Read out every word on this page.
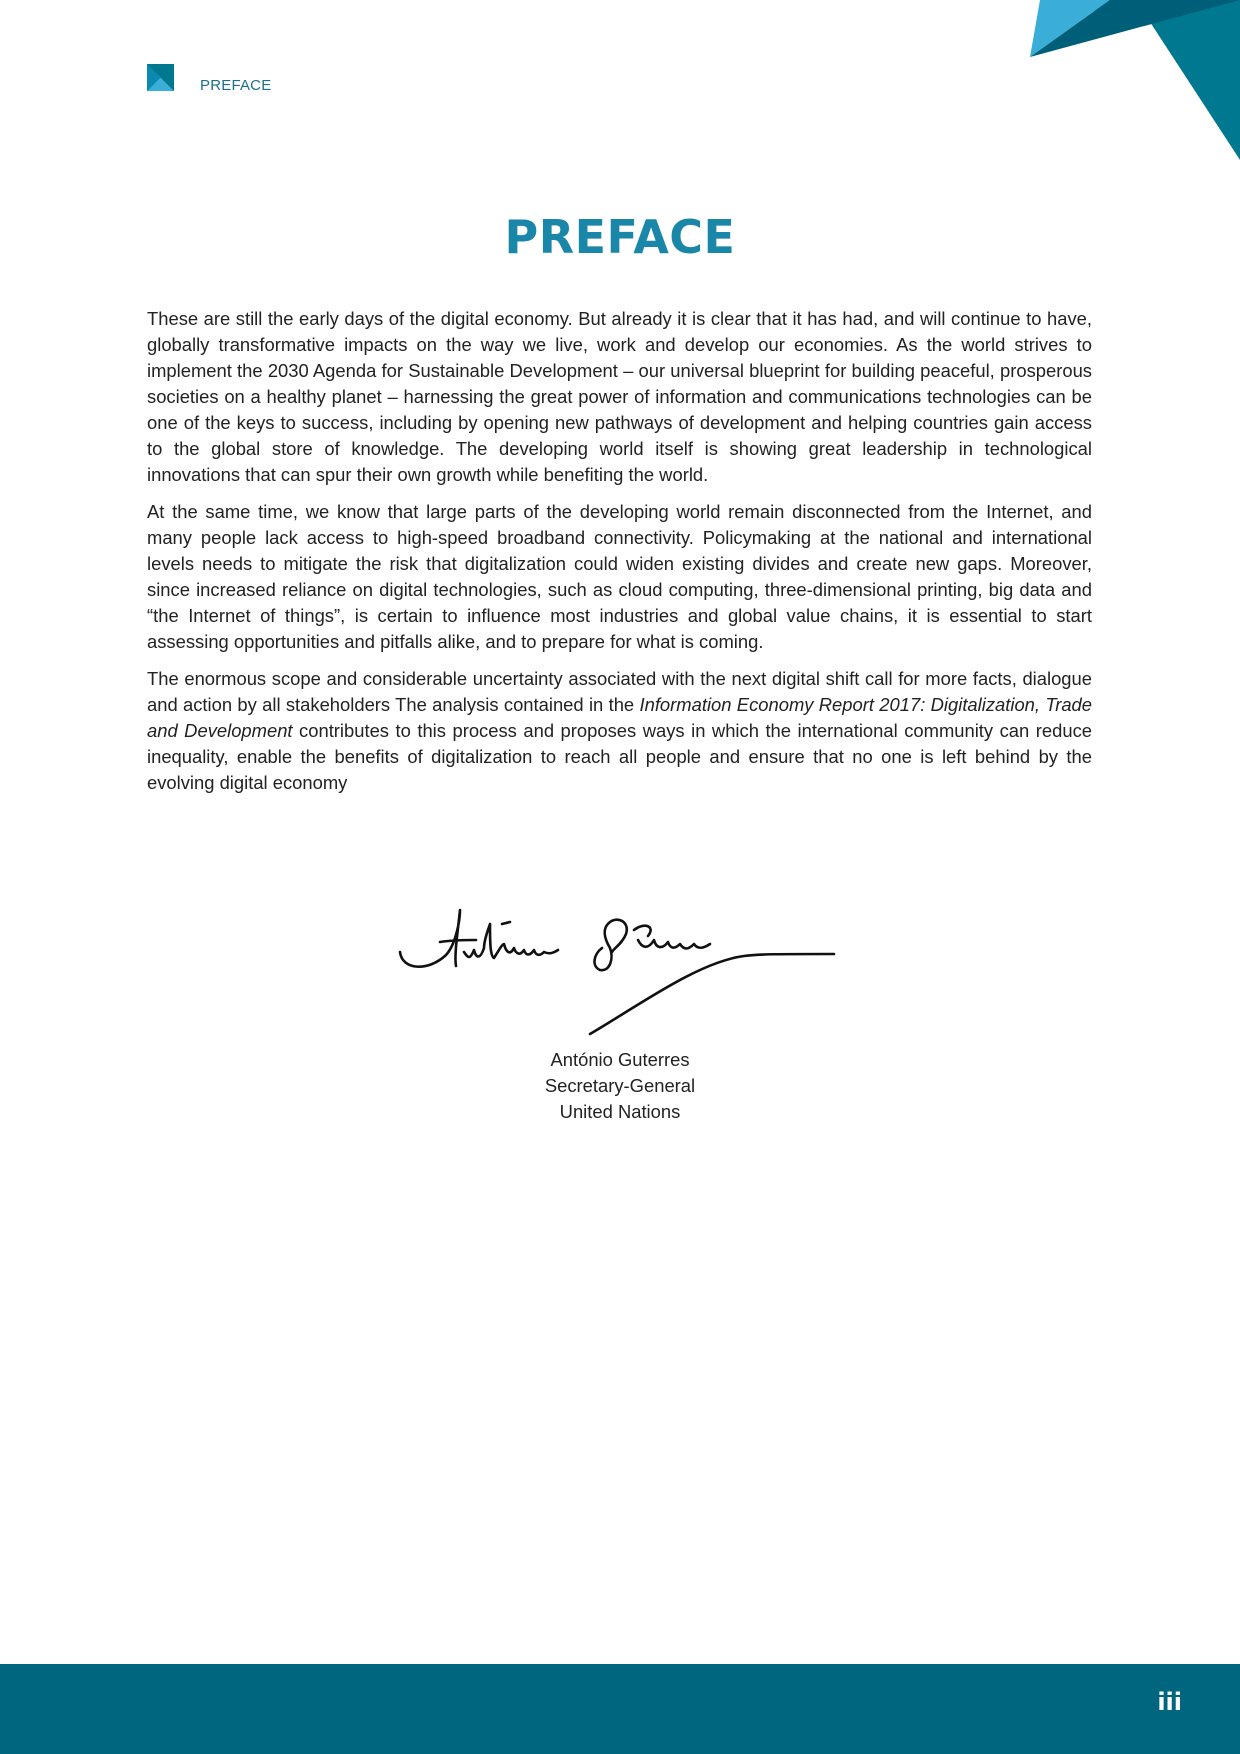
PREFACE
PREFACE

These are still the early days of the digital economy. But already it is clear that it has had, and will continue to have, globally transformative impacts on the way we live, work and develop our economies. As the world strives to implement the 2030 Agenda for Sustainable Development – our universal blueprint for building peaceful, prosperous societies on a healthy planet – harnessing the great power of information and communications technologies can be one of the keys to success, including by opening new pathways of development and helping countries gain access to the global store of knowledge. The developing world itself is showing great leadership in technological innovations that can spur their own growth while benefiting the world.

At the same time, we know that large parts of the developing world remain disconnected from the Internet, and many people lack access to high-speed broadband connectivity. Policymaking at the national and international levels needs to mitigate the risk that digitalization could widen existing divides and create new gaps. Moreover, since increased reliance on digital technologies, such as cloud computing, three-dimensional printing, big data and “the Internet of things”, is certain to influence most industries and global value chains, it is essential to start assessing opportunities and pitfalls alike, and to prepare for what is coming.

The enormous scope and considerable uncertainty associated with the next digital shift call for more facts, dialogue and action by all stakeholders The analysis contained in the Information Economy Report 2017: Digitalization, Trade and Development contributes to this process and proposes ways in which the international community can reduce inequality, enable the benefits of digitalization to reach all people and ensure that no one is left behind by the evolving digital economy

António Guterres
Secretary-General
United Nations
iii
